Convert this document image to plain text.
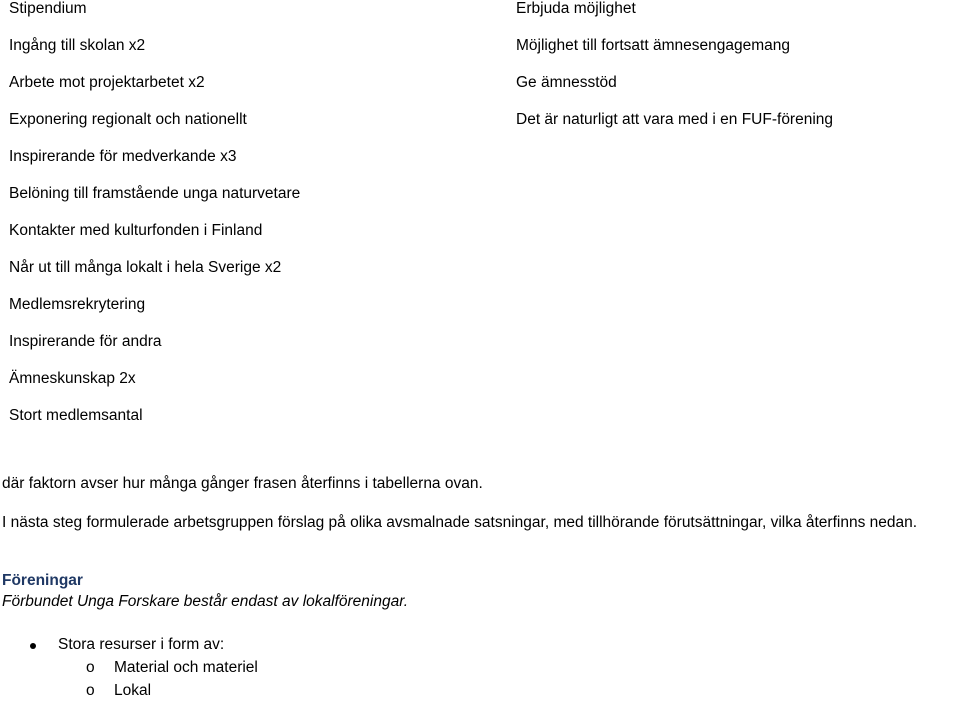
Stipendium	Erbjuda möjlighet
Ingång till skolan x2	Möjlighet till fortsatt ämnesengagemang
Arbete mot projektarbetet x2	Ge ämnesstöd
Exponering regionalt och nationellt	Det är naturligt att vara med i en FUF-förening
Inspirerande för medverkande x3
Belöning till framstående unga naturvetare
Kontakter med kulturfonden i Finland
Når ut till många lokalt i hela Sverige x2
Medlemsrekrytering
Inspirerande för andra
Ämneskunskap 2x
Stort medlemsantal
där faktorn avser hur många gånger frasen återfinns i tabellerna ovan.
I nästa steg formulerade arbetsgruppen förslag på olika avsmalnade satsningar, med tillhörande förutsättningar, vilka återfinns nedan.
Föreningar
Förbundet Unga Forskare består endast av lokalföreningar.
Stora resurser i form av:
o Material och materiel
o Lokal
